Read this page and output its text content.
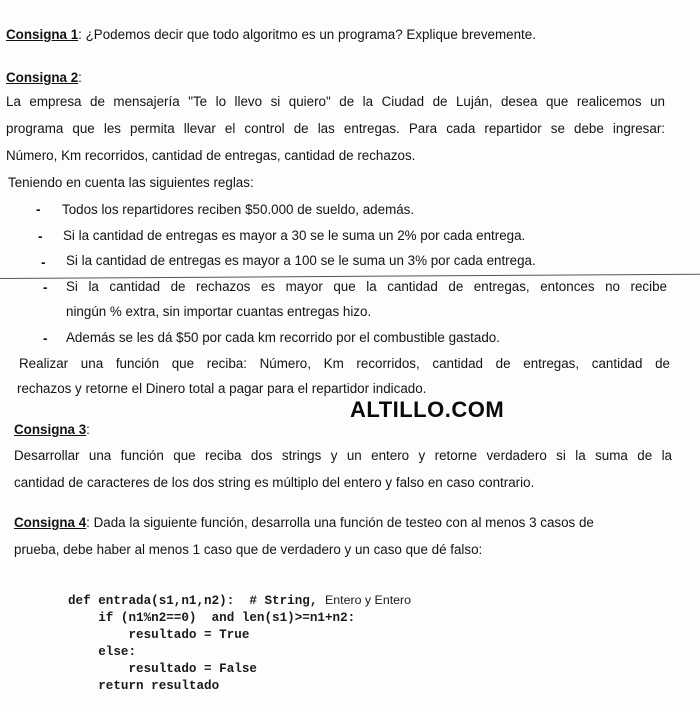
Consigna 1: ¿Podemos decir que todo algoritmo es un programa? Explique brevemente.
Consigna 2:
La empresa de mensajería "Te lo llevo si quiero" de la Ciudad de Luján, desea que realicemos un
programa que les permita llevar el control de las entregas. Para cada repartidor se debe ingresar:
Número, Km recorridos, cantidad de entregas, cantidad de rechazos.
Teniendo en cuenta las siguientes reglas:
- Todos los repartidores reciben $50.000 de sueldo, además.
- Si la cantidad de entregas es mayor a 30 se le suma un 2% por cada entrega.
- Si la cantidad de entregas es mayor a 100 se le suma un 3% por cada entrega.
- Si la cantidad de rechazos es mayor que la cantidad de entregas, entonces no recibe
ningún % extra, sin importar cuantas entregas hizo.
- Además se les dá $50 por cada km recorrido por el combustible gastado.
Realizar una función que reciba: Número, Km recorridos, cantidad de entregas, cantidad de
rechazos y retorne el Dinero total a pagar para el repartidor indicado.
ALTILLO.COM
Consigna 3:
Desarrollar una función que reciba dos strings y un entero y retorne verdadero si la suma de la
cantidad de caracteres de los dos string es múltiplo del entero y falso en caso contrario.
Consigna 4: Dada la siguiente función, desarrolla una función de testeo con al menos 3 casos de
prueba, debe haber al menos 1 caso que de verdadero y un caso que dé falso:
def entrada(s1,n1,n2):  # String, Entero y Entero
if (n1%n2==0)  and len(s1)>=n1+n2:
resultado = True
else:
resultado = False
return resultado
